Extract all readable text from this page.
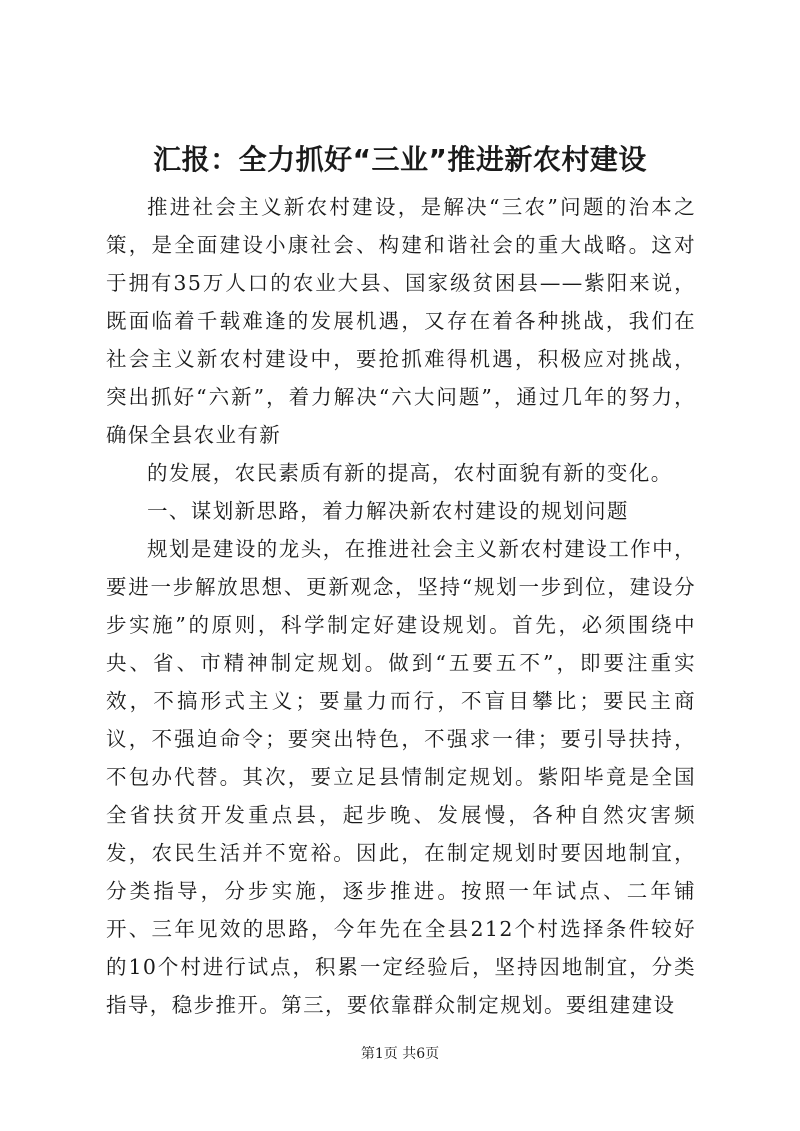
汇报：全力抓好“三业”推进新农村建设

推进社会主义新农村建设，是解决“三农”问题的治本之策，是全面建设小康社会、构建和谐社会的重大战略。这对于拥有35万人口的农业大县、国家级贫困县——紫阳来说，既面临着千载难逢的发展机遇，又存在着各种挑战，我们在社会主义新农村建设中，要抢抓难得机遇，积极应对挑战，突出抓好“六新”，着力解决“六大问题”，通过几年的努力，确保全县农业有新

的发展，农民素质有新的提高，农村面貌有新的变化。

一、谋划新思路，着力解决新农村建设的规划问题

规划是建设的龙头，在推进社会主义新农村建设工作中，要进一步解放思想、更新观念，坚持“规划一步到位，建设分步实施”的原则，科学制定好建设规划。首先，必须围绕中央、省、市精神制定规划。做到“五要五不”，即要注重实效，不搞形式主义；要量力而行，不盲目攀比；要民主商议，不强迫命令；要突出特色，不强求一律；要引导扶持，不包办代替。其次，要立足县情制定规划。紫阳毕竟是全国全省扶贫开发重点县，起步晚、发展慢，各种自然灾害频发，农民生活并不宽裕。因此，在制定规划时要因地制宜，分类指导，分步实施，逐步推进。按照一年试点、二年铺开、三年见效的思路，今年先在全县212个村选择条件较好的10个村进行试点，积累一定经验后，坚持因地制宜，分类指导，稳步推开。第三，要依靠群众制定规划。要组建建设

第1页 共6页
